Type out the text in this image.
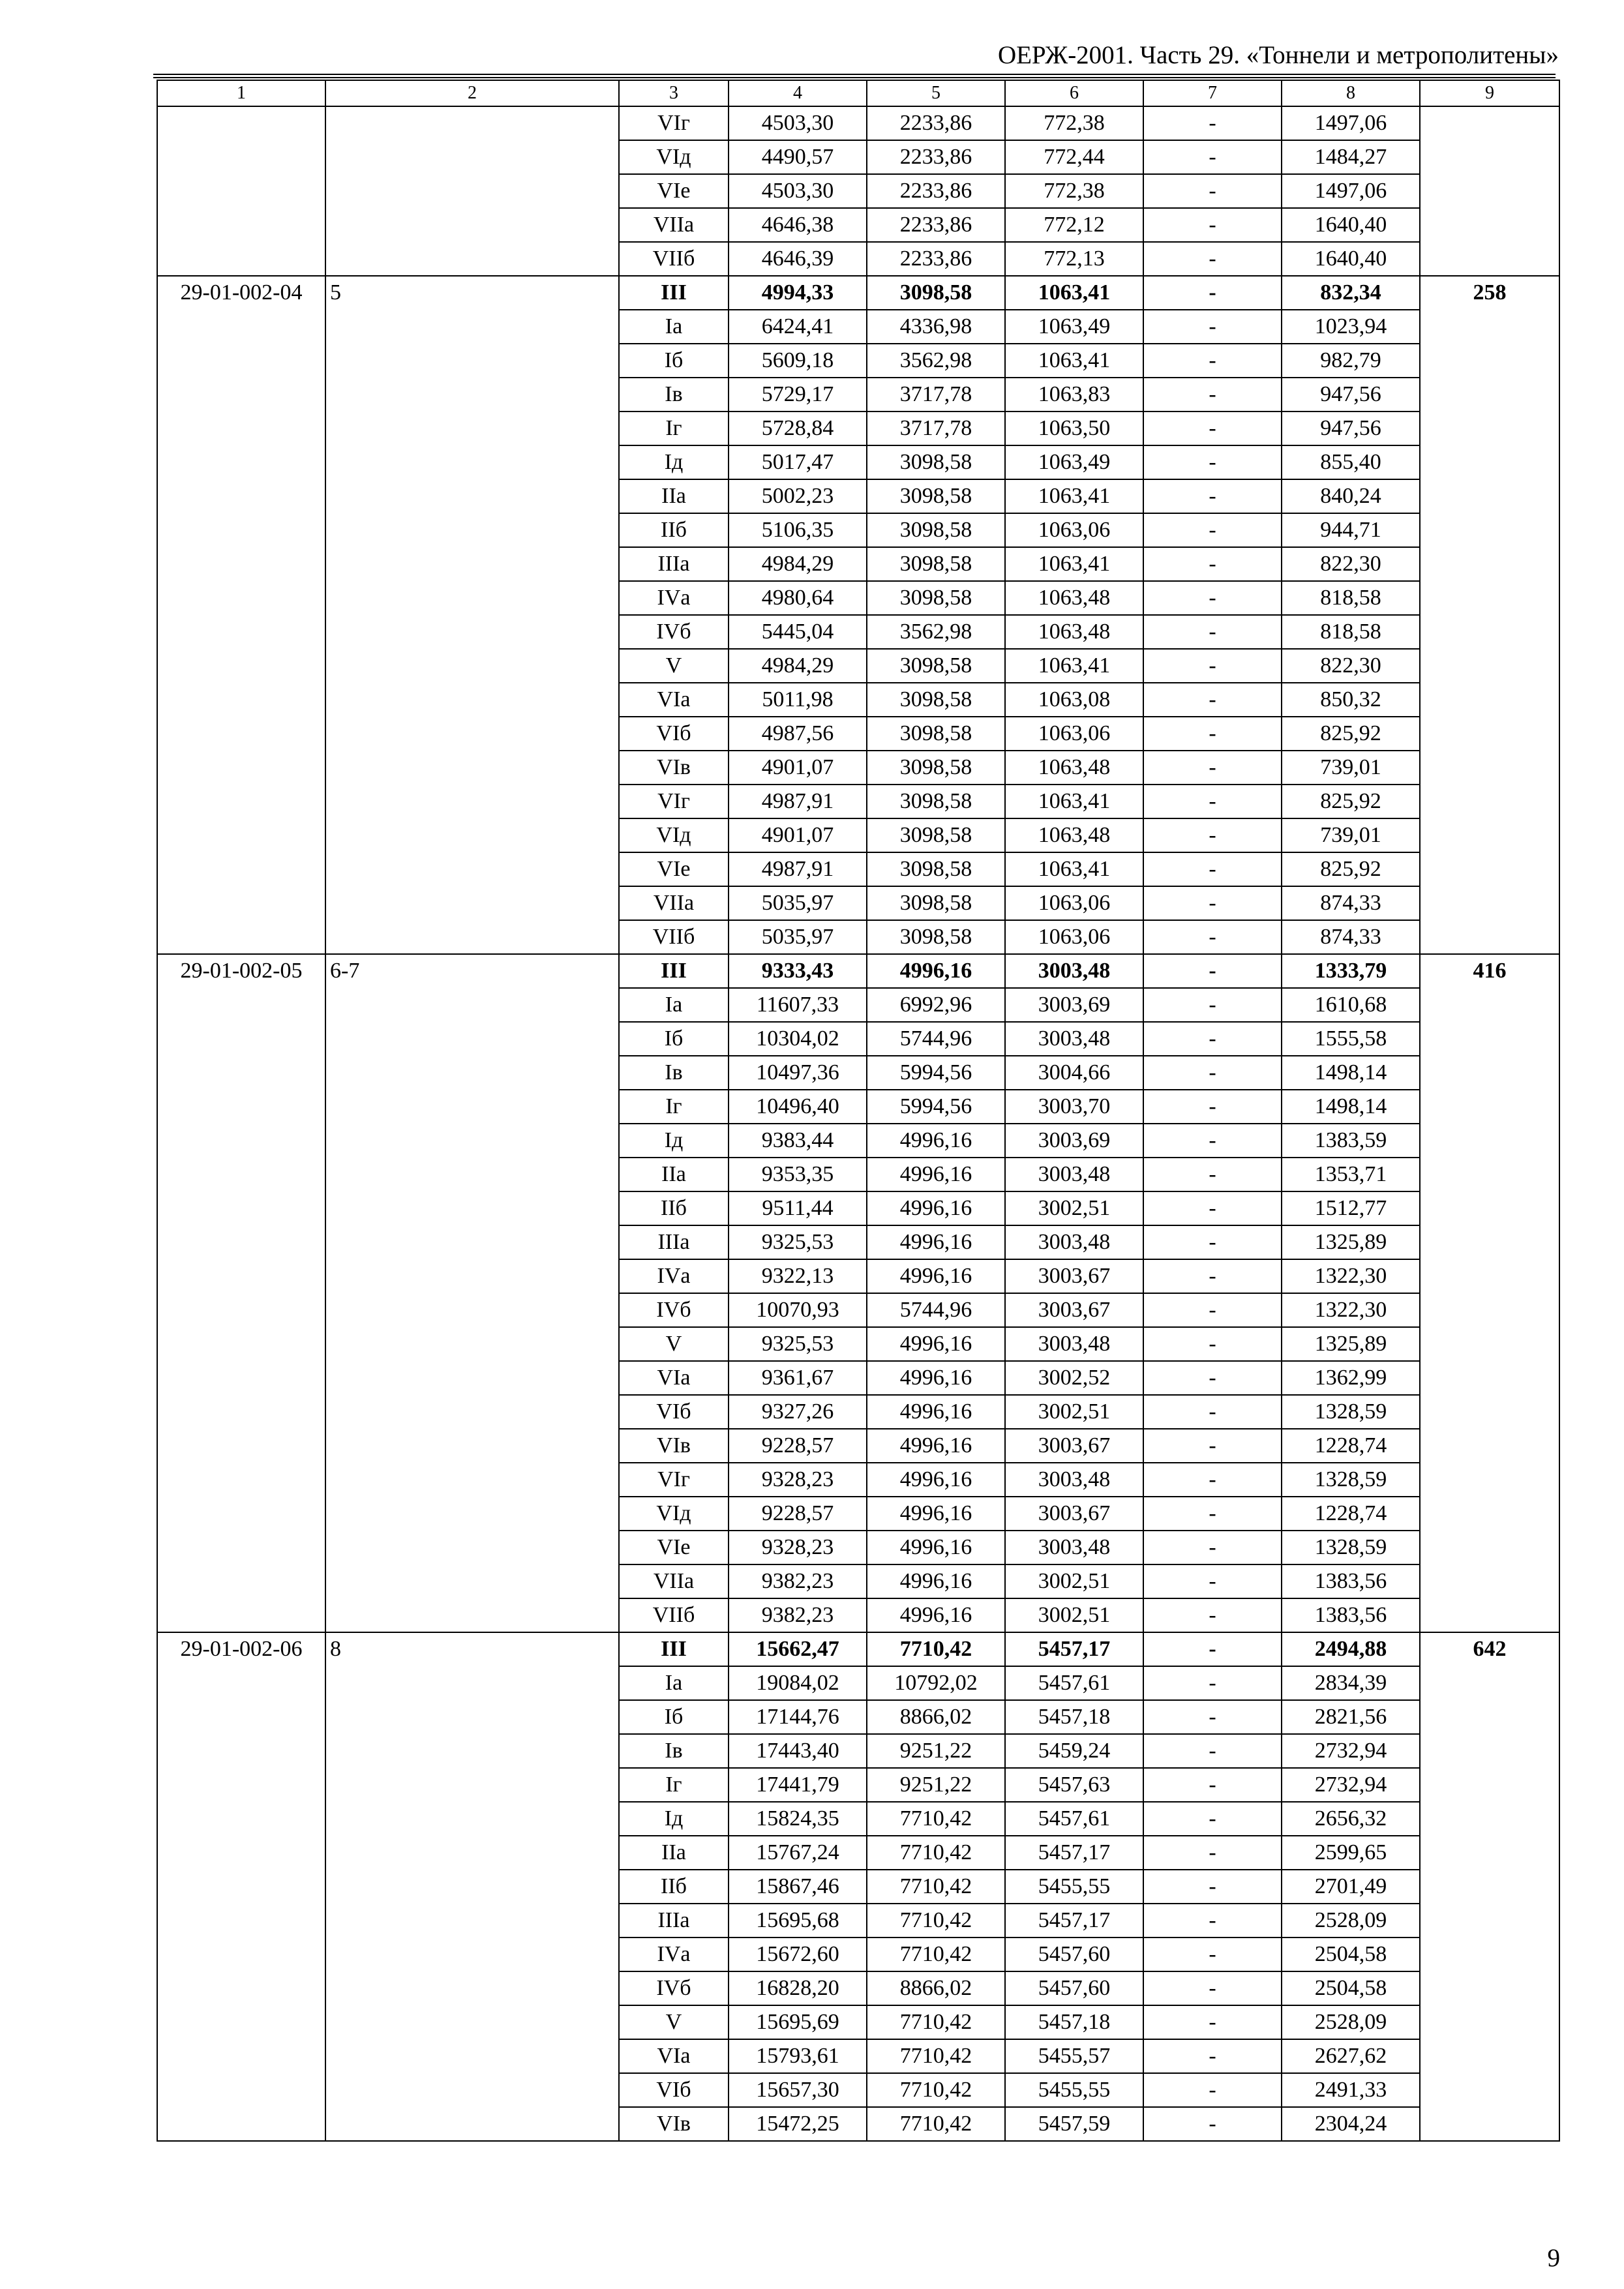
ОЕРЖ-2001. Часть 29. «Тоннели и метрополитены»
1	2	3	4	5	6	7	8	9
		VIг	4503,30	2233,86	772,38	-	1497,06	
		VIд	4490,57	2233,86	772,44	-	1484,27	
		VIе	4503,30	2233,86	772,38	-	1497,06	
		VIIа	4646,38	2233,86	772,12	-	1640,40	
		VIIб	4646,39	2233,86	772,13	-	1640,40	
29-01-002-04	5	III	4994,33	3098,58	1063,41	-	832,34	258
		Iа	6424,41	4336,98	1063,49	-	1023,94	
		Iб	5609,18	3562,98	1063,41	-	982,79	
		Iв	5729,17	3717,78	1063,83	-	947,56	
		Iг	5728,84	3717,78	1063,50	-	947,56	
		Iд	5017,47	3098,58	1063,49	-	855,40	
		IIа	5002,23	3098,58	1063,41	-	840,24	
		IIб	5106,35	3098,58	1063,06	-	944,71	
		IIIа	4984,29	3098,58	1063,41	-	822,30	
		IVа	4980,64	3098,58	1063,48	-	818,58	
		IVб	5445,04	3562,98	1063,48	-	818,58	
		V	4984,29	3098,58	1063,41	-	822,30	
		VIа	5011,98	3098,58	1063,08	-	850,32	
		VIб	4987,56	3098,58	1063,06	-	825,92	
		VIв	4901,07	3098,58	1063,48	-	739,01	
		VIг	4987,91	3098,58	1063,41	-	825,92	
		VIд	4901,07	3098,58	1063,48	-	739,01	
		VIе	4987,91	3098,58	1063,41	-	825,92	
		VIIа	5035,97	3098,58	1063,06	-	874,33	
		VIIб	5035,97	3098,58	1063,06	-	874,33	
29-01-002-05	6-7	III	9333,43	4996,16	3003,48	-	1333,79	416
		Iа	11607,33	6992,96	3003,69	-	1610,68	
		Iб	10304,02	5744,96	3003,48	-	1555,58	
		Iв	10497,36	5994,56	3004,66	-	1498,14	
		Iг	10496,40	5994,56	3003,70	-	1498,14	
		Iд	9383,44	4996,16	3003,69	-	1383,59	
		IIа	9353,35	4996,16	3003,48	-	1353,71	
		IIб	9511,44	4996,16	3002,51	-	1512,77	
		IIIа	9325,53	4996,16	3003,48	-	1325,89	
		IVа	9322,13	4996,16	3003,67	-	1322,30	
		IVб	10070,93	5744,96	3003,67	-	1322,30	
		V	9325,53	4996,16	3003,48	-	1325,89	
		VIа	9361,67	4996,16	3002,52	-	1362,99	
		VIб	9327,26	4996,16	3002,51	-	1328,59	
		VIв	9228,57	4996,16	3003,67	-	1228,74	
		VIг	9328,23	4996,16	3003,48	-	1328,59	
		VIд	9228,57	4996,16	3003,67	-	1228,74	
		VIе	9328,23	4996,16	3003,48	-	1328,59	
		VIIа	9382,23	4996,16	3002,51	-	1383,56	
		VIIб	9382,23	4996,16	3002,51	-	1383,56	
29-01-002-06	8	III	15662,47	7710,42	5457,17	-	2494,88	642
		Iа	19084,02	10792,02	5457,61	-	2834,39	
		Iб	17144,76	8866,02	5457,18	-	2821,56	
		Iв	17443,40	9251,22	5459,24	-	2732,94	
		Iг	17441,79	9251,22	5457,63	-	2732,94	
		Iд	15824,35	7710,42	5457,61	-	2656,32	
		IIа	15767,24	7710,42	5457,17	-	2599,65	
		IIб	15867,46	7710,42	5455,55	-	2701,49	
		IIIа	15695,68	7710,42	5457,17	-	2528,09	
		IVа	15672,60	7710,42	5457,60	-	2504,58	
		IVб	16828,20	8866,02	5457,60	-	2504,58	
		V	15695,69	7710,42	5457,18	-	2528,09	
		VIа	15793,61	7710,42	5455,57	-	2627,62	
		VIб	15657,30	7710,42	5455,55	-	2491,33	
		VIв	15472,25	7710,42	5457,59	-	2304,24	
9
